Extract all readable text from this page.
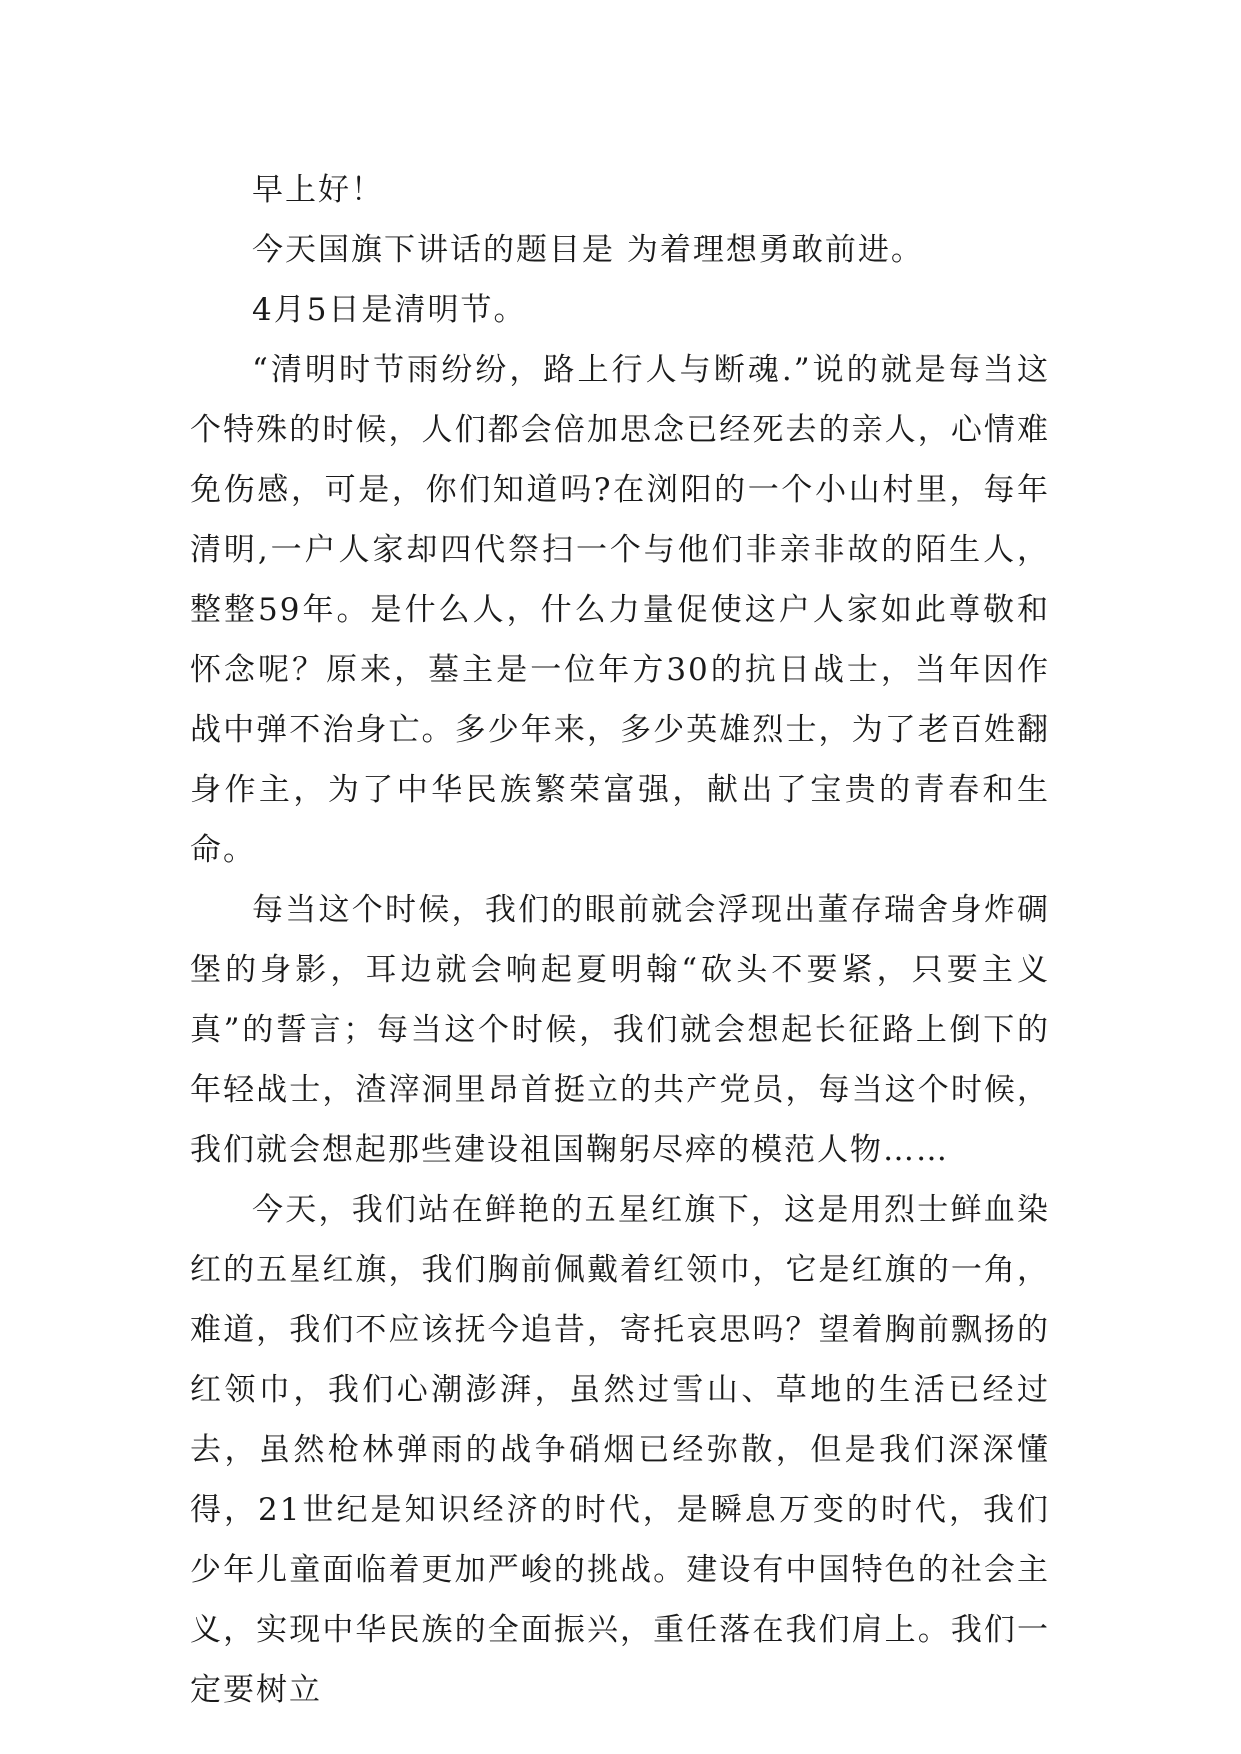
早上好！

今天国旗下讲话的题目是 为着理想勇敢前进。

4月5日是清明节。

“清明时节雨纷纷，路上行人与断魂.”说的就是每当这个特殊的时候，人们都会倍加思念已经死去的亲人，心情难免伤感，可是，你们知道吗?在浏阳的一个小山村里，每年清明,一户人家却四代祭扫一个与他们非亲非故的陌生人，整整59年。是什么人，什么力量促使这户人家如此尊敬和怀念呢？原来，墓主是一位年方30的抗日战士，当年因作战中弹不治身亡。多少年来，多少英雄烈士，为了老百姓翻身作主，为了中华民族繁荣富强，献出了宝贵的青春和生命。

每当这个时候，我们的眼前就会浮现出董存瑞舍身炸碉堡的身影，耳边就会响起夏明翰“砍头不要紧，只要主义真”的誓言；每当这个时候，我们就会想起长征路上倒下的年轻战士，渣滓洞里昂首挺立的共产党员，每当这个时候，我们就会想起那些建设祖国鞠躬尽瘁的模范人物……

今天，我们站在鲜艳的五星红旗下，这是用烈士鲜血染红的五星红旗，我们胸前佩戴着红领巾，它是红旗的一角，难道，我们不应该抚今追昔，寄托哀思吗？望着胸前飘扬的红领巾，我们心潮澎湃，虽然过雪山、草地的生活已经过去，虽然枪林弹雨的战争硝烟已经弥散，但是我们深深懂得，21世纪是知识经济的时代，是瞬息万变的时代，我们少年儿童面临着更加严峻的挑战。建设有中国特色的社会主义，实现中华民族的全面振兴，重任落在我们肩上。我们一定要树立
